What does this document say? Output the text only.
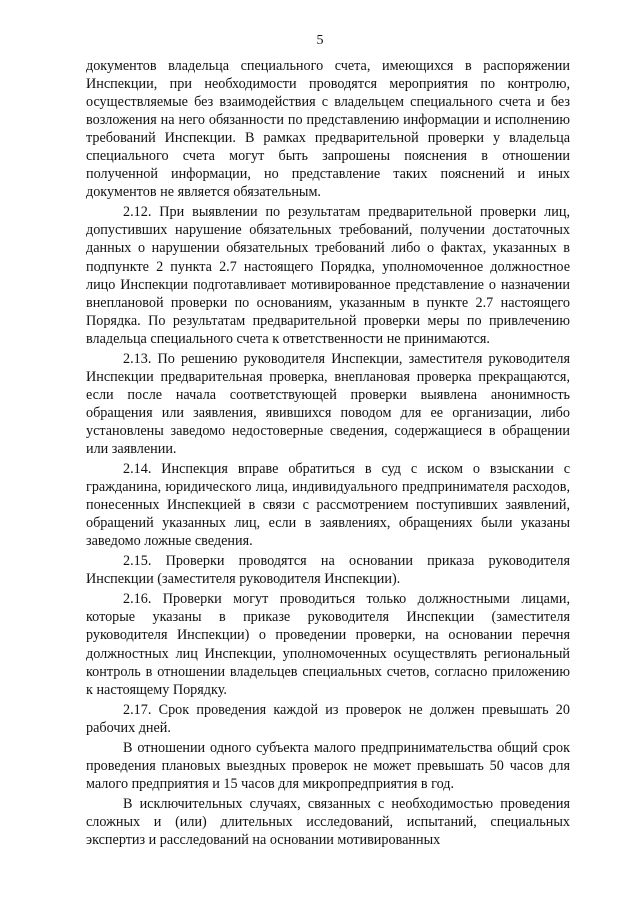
5

документов владельца специального счета, имеющихся в распоряжении Инспекции, при необходимости проводятся мероприятия по контролю, осуществляемые без взаимодействия с владельцем специального счета и без возложения на него обязанности по представлению информации и исполнению требований Инспекции. В рамках предварительной проверки у владельца специального счета могут быть запрошены пояснения в отношении полученной информации, но представление таких пояснений и иных документов не является обязательным.

2.12. При выявлении по результатам предварительной проверки лиц, допустивших нарушение обязательных требований, получении достаточных данных о нарушении обязательных требований либо о фактах, указанных в подпункте 2 пункта 2.7 настоящего Порядка, уполномоченное должностное лицо Инспекции подготавливает мотивированное представление о назначении внеплановой проверки по основаниям, указанным в пункте 2.7 настоящего Порядка. По результатам предварительной проверки меры по привлечению владельца специального счета к ответственности не принимаются.

2.13. По решению руководителя Инспекции, заместителя руководителя Инспекции предварительная проверка, внеплановая проверка прекращаются, если после начала соответствующей проверки выявлена анонимность обращения или заявления, явившихся поводом для ее организации, либо установлены заведомо недостоверные сведения, содержащиеся в обращении или заявлении.

2.14. Инспекция вправе обратиться в суд с иском о взыскании с гражданина, юридического лица, индивидуального предпринимателя расходов, понесенных Инспекцией в связи с рассмотрением поступивших заявлений, обращений указанных лиц, если в заявлениях, обращениях были указаны заведомо ложные сведения.

2.15. Проверки проводятся на основании приказа руководителя Инспекции (заместителя руководителя Инспекции).

2.16. Проверки могут проводиться только должностными лицами, которые указаны в приказе руководителя Инспекции (заместителя руководителя Инспекции) о проведении проверки, на основании перечня должностных лиц Инспекции, уполномоченных осуществлять региональный контроль в отношении владельцев специальных счетов, согласно приложению к настоящему Порядку.

2.17. Срок проведения каждой из проверок не должен превышать 20 рабочих дней.

В отношении одного субъекта малого предпринимательства общий срок проведения плановых выездных проверок не может превышать 50 часов для малого предприятия и 15 часов для микропредприятия в год.

В исключительных случаях, связанных с необходимостью проведения сложных и (или) длительных исследований, испытаний, специальных экспертиз и расследований на основании мотивированных
